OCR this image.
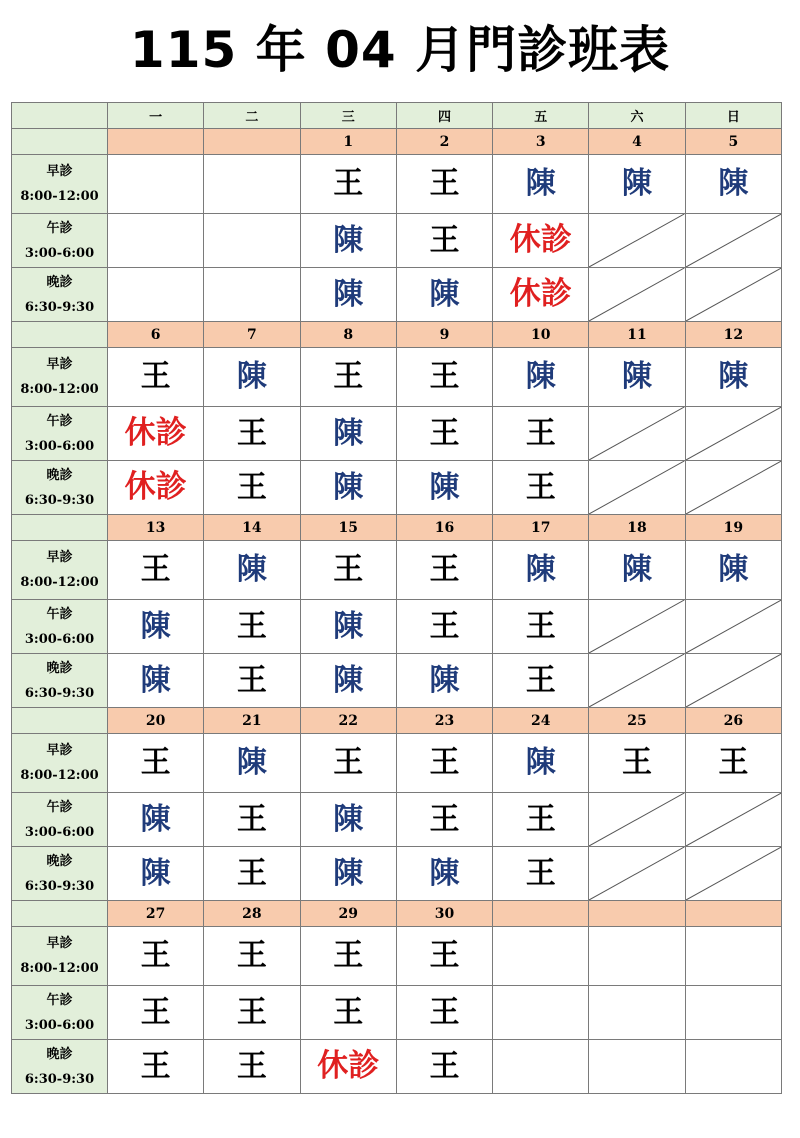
115 年 04 月門診班表
	一	二	三	四	五	六	日
			1	2	3	4	5

早診
8:00-12:00			王	王	陳	陳	陳

午診
3:00-6:00			陳	王	休診	

晚診
6:30-9:30			陳	陳	休診	

	6	7	8	9	10	11	12

早診
8:00-12:00	王	陳	王	王	陳	陳	陳

午診
3:00-6:00	休診	王	陳	王	王	

晚診
6:30-9:30	休診	王	陳	陳	王	

	13	14	15	16	17	18	19

早診
8:00-12:00	王	陳	王	王	陳	陳	陳

午診
3:00-6:00	陳	王	陳	王	王	

晚診
6:30-9:30	陳	王	陳	陳	王	

	20	21	22	23	24	25	26

早診
8:00-12:00	王	陳	王	王	陳	王	王

午診
3:00-6:00	陳	王	陳	王	王	

晚診
6:30-9:30	陳	王	陳	陳	王	

	27	28	29	30			

早診
8:00-12:00	王	王	王	王			

午診
3:00-6:00	王	王	王	王			

晚診
6:30-9:30	王	王	休診	王			
